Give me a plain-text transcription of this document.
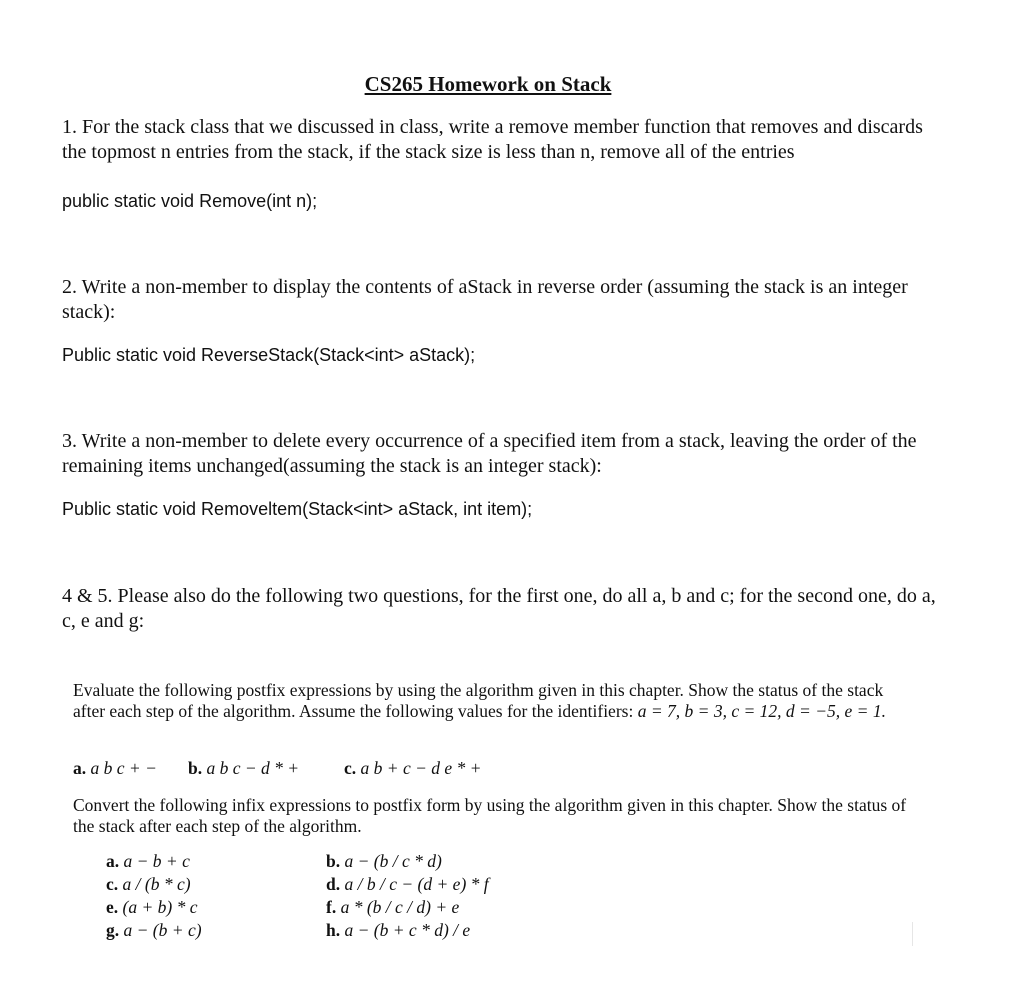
CS265 Homework on Stack
1. For the stack class that we discussed in class, write a remove member function that removes and discards the topmost n entries from the stack, if the stack size is less than n, remove all of the entries
public static void Remove(int n);
2. Write a non-member to display the contents of aStack in reverse order (assuming the stack is an integer stack):
Public static void ReverseStack(Stack<int> aStack);
3. Write a non-member to delete every occurrence of a specified item from a stack, leaving the order of the remaining items unchanged(assuming the stack is an integer stack):
Public static void Removeltem(Stack<int> aStack, int item);
4 & 5. Please also do the following two questions, for the first one, do all a, b and c; for the second one, do a, c, e and g:
Evaluate the following postfix expressions by using the algorithm given in this chapter. Show the status of the stack after each step of the algorithm. Assume the following values for the identifiers: a = 7, b = 3, c = 12, d = −5, e = 1.
a. a b c + − b. a b c − d * +	c. a b + c − d e * +
Convert the following infix expressions to postfix form by using the algorithm given in this chapter. Show the status of the stack after each step of the algorithm.
a. a − b + c
c. a / (b * c)
e. (a + b) * c
g. a − (b + c)
b. a − (b / c * d)
d. a / b / c − (d + e) * f
f. a * (b / c / d) + e
h. a − (b + c * d) / e
